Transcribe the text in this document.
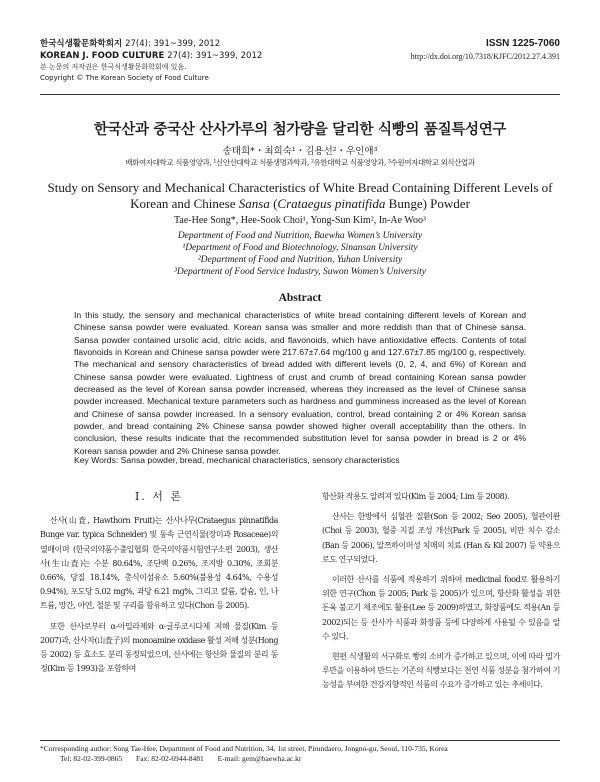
한국식생활문화학회지 27(4): 391~399, 2012
KOREAN J. FOOD CULTURE 27(4): 391~399, 2012
본 논문의 저작권은 한국식생활문화학회에 있음.
Copyright © The Korean Society of Food Culture
ISSN 1225-7060
http://dx.doi.org/10.7318/KJFC/2012.27.4.391
한국산과 중국산 산사가루의 첨가량을 달리한 식빵의 품질특성연구
송태희*・최희숙¹・김용선²・우인애³
배화여자대학교 식품영양과, ¹신안산대학교 식품생명과학과, ²유한대학교 식품영양과, ³수원여자대학교 외식산업과
Study on Sensory and Mechanical Characteristics of White Bread Containing Different Levels of
Korean and Chinese Sansa (Crataegus pinatifida Bunge) Powder
Tae-Hee Song*, Hee-Sook Choi¹, Yong-Sun Kim², In-Ae Woo³
Department of Food and Nutrition, Baewha Women’s University
¹Department of Food and Biotechnology, Sinansan University
²Department of Food and Nutrition, Yuhan University
³Department of Food Service Industry, Suwon Women’s University
Abstract
In this study, the sensory and mechanical characteristics of white bread containing different levels of Korean and Chinese sansa powder were evaluated. Korean sansa was smaller and more reddish than that of Chinese sansa. Sansa powder contained ursolic acid, citric acids, and flavonoids, which have antioxidative effects. Contents of total flavonoids in Korean and Chinese sansa powder were 217.67±7.64 mg/100 g and 127.67±7.85 mg/100 g, respectively. The mechanical and sensory characteristics of bread added with different levels (0, 2, 4, and 6%) of Korean and Chinese sansa powder were evaluated. Lightness of crust and crumb of bread containing Korean sansa powder decreased as the level of Korean sansa powder increased, whereas they increased as the level of Chinese sansa powder increased. Mechanical texture parameters such as hardness and gumminess increased as the level of Korean and Chinese of sansa powder increased. In a sensory evaluation, control, bread containing 2 or 4% Korean sansa powder, and bread containing 2% Chinese sansa powder showed higher overall acceptability than the others. In conclusion, these results indicate that the recommended substitution level for sansa powder in bread is 2 or 4% Korean sansa powder and 2% Chinese sansa powder.
Key Words: Sansa powder, bread, mechanical characteristics, sensory characteristics
I. 서 론

산사(山査, Hawthorn Fruit)는 산사나무(Crataegus pinnatifida Bunge var. typica Schneider) 및 동속 근연식물(장미과 Rosaceae)의 열매이며 (한국의약품수출입협회 한국의약품시험연구소편 2003), 생산사(生山査)는 수분 80.64%, 조단백 0.26%, 조지방 0.30%, 조회분 0.66%, 당질 18.14%, 총식이섬유소 5.60%(불용성 4.64%, 수용성 0.94%), 포도당 5.02 mg%, 과당 6.21 mg%, 그리고 칼륨, 칼슘, 인, 나트륨, 망간, 아연, 철분 및 구리를 함유하고 있다(Chon 등 2005).

또한 산사로부터 α-아밀라제와 α-글루코시다제 저해 물질(Kim 등 2007)과, 산사자(山査子)의 monoamine oxidase 활성 저해 성분(Hong 등 2002) 등 효소도 분리 동정되었으며, 산사에는 항산화 물질의 분리 동정(Kim 등 1993)을 포함하여

항산화 작용도 알려져 있다(Kim 등 2004; Lim 등 2008).

산사는 한방에서 심혈관 질환(Son 등 2002; Seo 2005), 혈관이완(Choi 등 2003), 혈중 지질 조성 개선(Park 등 2005), 비만 치수 감소(Ban 등 2006), 알쯔하이머성 치매의 치료 (Han & Kil 2007) 등 약용으로도 연구되었다.

이러한 산사를 식품에 적용하기 위하여 medicinal food로 활용하기 위한 연구(Chon 등 2005; Park 등 2005)가 있으며, 항산화 활성을 위한 돈육 불고기 제조에도 활용(Lee 등 2009)하였고, 화장품에도 적용(An 등 2002)되는 등 산사가 식품과 화장품 등에 다양하게 사용될 수 있음을 알 수 있다.

현편 식생활의 서구화로 빵의 소비가 증가하고 있으며, 이에 따라 밀가루만을 이용하여 만드는 기존의 식빵보다는 천연 식품 성분을 첨가하여 기능성을 부여한 건강지향적인 식품의 수요가 증가하고 있는 추세이다.

*Corresponding author: Song Tae-Hee, Department of Food and Nutrition, 34, 1st street, Pirundaero, Jongno-gu, Seoul, 110-735, Korea
Tel: 82-02-399-0865 Fax: 82-02-6944-8481 E-mail: gem@baewha.ac.kr
